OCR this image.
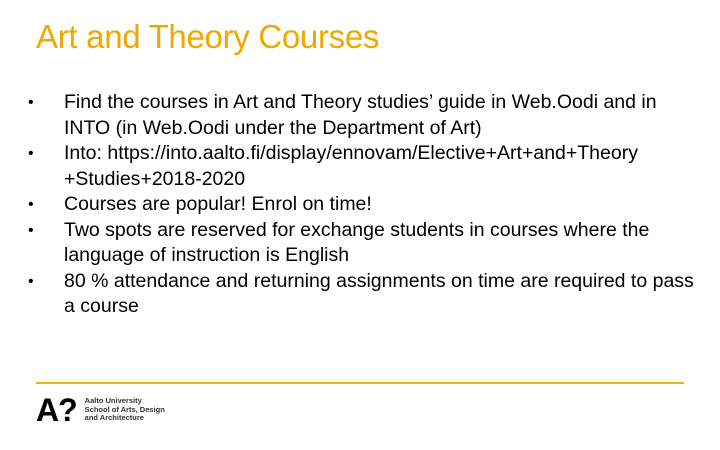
Art and Theory Courses
• Find the courses in Art and Theory studies’ guide in Web.Oodi and in INTO (in Web.Oodi under the Department of Art)
• Into: https://into.aalto.fi/display/ennovam/Elective+Art+and+Theory+Studies+2018-2020
• Courses are popular! Enrol on time!
• Two spots are reserved for exchange students in courses where the language of instruction is English
• 80 % attendance and returning assignments on time are required to pass a course
A? Aalto University
School of Arts, Design
and Architecture
